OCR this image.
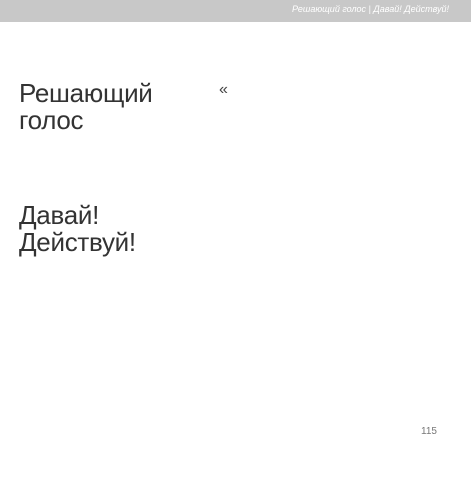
Решающий голос | Давай! Действуй!
Решающий голос

Давай! Действуй!

«

115
